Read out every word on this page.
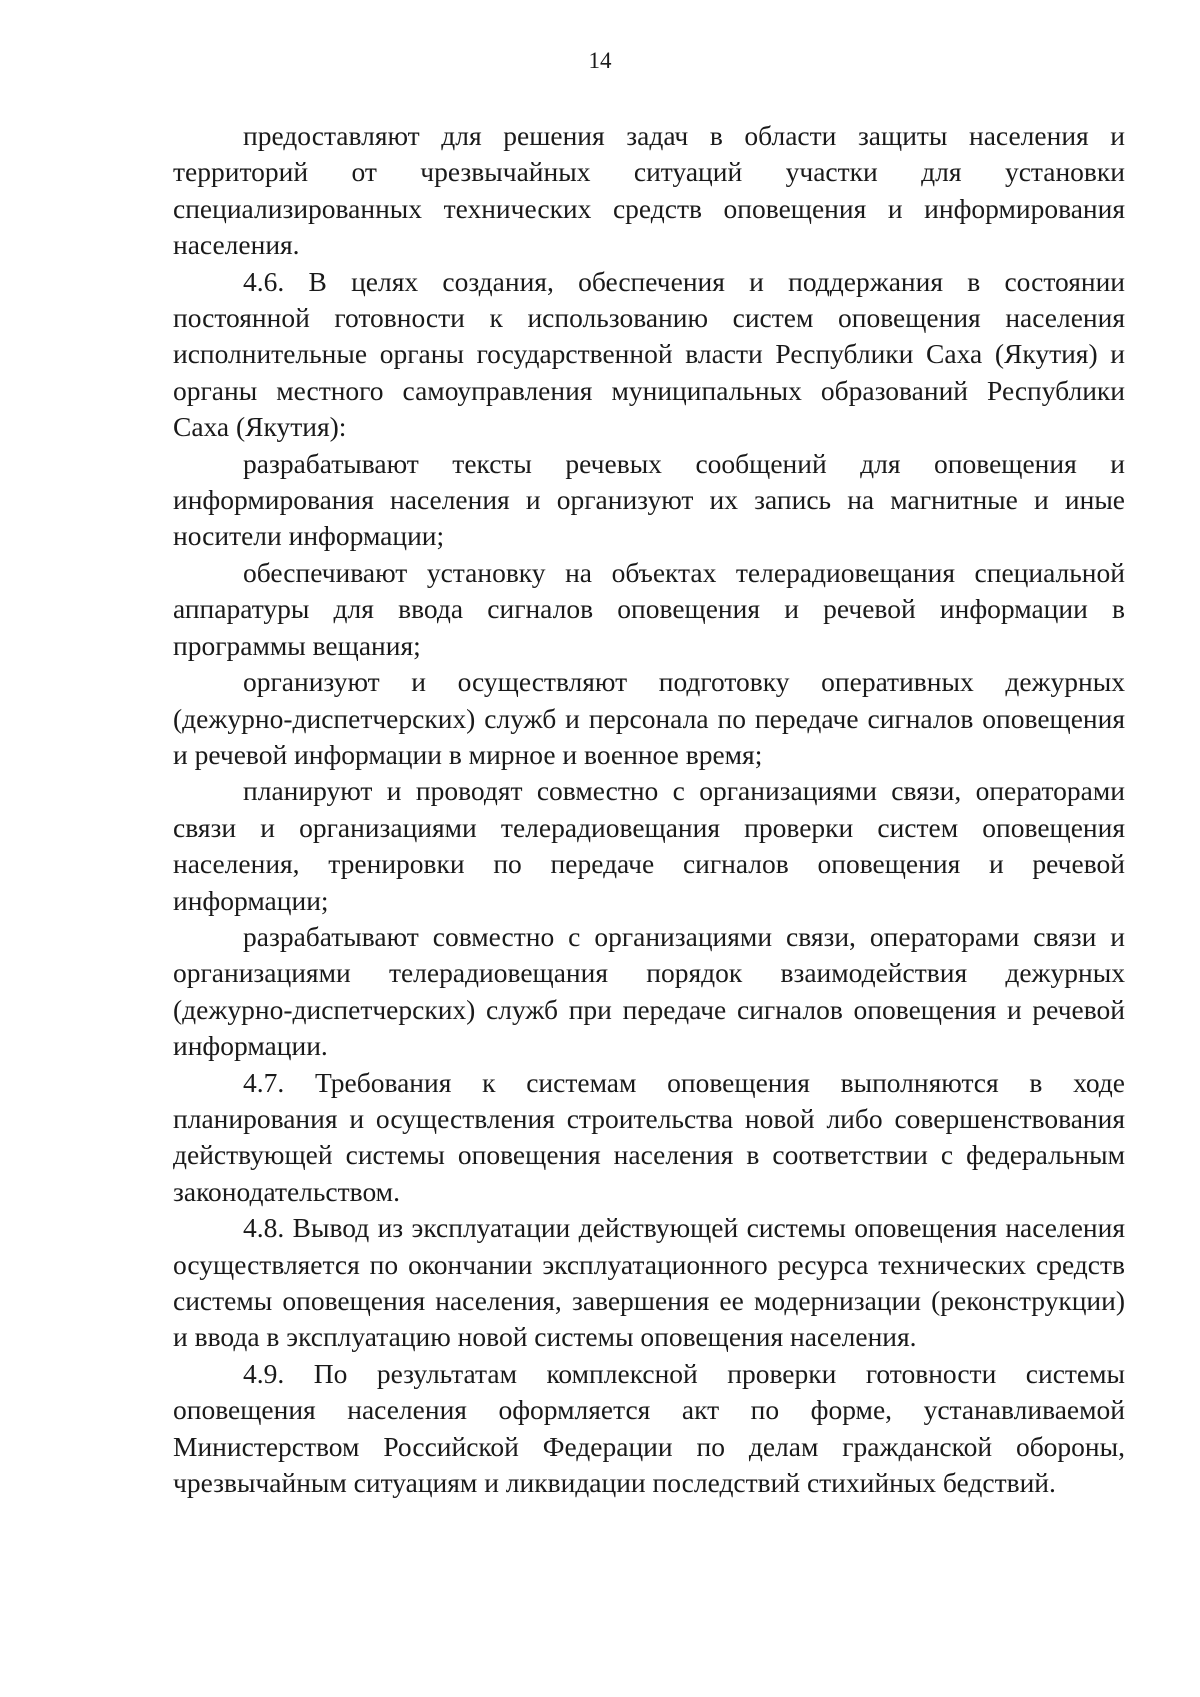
14

предоставляют для решения задач в области защиты населения и территорий от чрезвычайных ситуаций участки для установки специализированных технических средств оповещения и информирования населения.

4.6. В целях создания, обеспечения и поддержания в состоянии постоянной готовности к использованию систем оповещения населения исполнительные органы государственной власти Республики Саха (Якутия) и органы местного самоуправления муниципальных образований Республики Саха (Якутия):

разрабатывают тексты речевых сообщений для оповещения и информирования населения и организуют их запись на магнитные и иные носители информации;

обеспечивают установку на объектах телерадиовещания специальной аппаратуры для ввода сигналов оповещения и речевой информации в программы вещания;

организуют и осуществляют подготовку оперативных дежурных (дежурно-диспетчерских) служб и персонала по передаче сигналов оповещения и речевой информации в мирное и военное время;

планируют и проводят совместно с организациями связи, операторами связи и организациями телерадиовещания проверки систем оповещения населения, тренировки по передаче сигналов оповещения и речевой информации;

разрабатывают совместно с организациями связи, операторами связи и организациями телерадиовещания порядок взаимодействия дежурных (дежурно-диспетчерских) служб при передаче сигналов оповещения и речевой информации.

4.7. Требования к системам оповещения выполняются в ходе планирования и осуществления строительства новой либо совершенствования действующей системы оповещения населения в соответствии с федеральным законодательством.

4.8. Вывод из эксплуатации действующей системы оповещения населения осуществляется по окончании эксплуатационного ресурса технических средств системы оповещения населения, завершения ее модернизации (реконструкции) и ввода в эксплуатацию новой системы оповещения населения.

4.9. По результатам комплексной проверки готовности системы оповещения населения оформляется акт по форме, устанавливаемой Министерством Российской Федерации по делам гражданской обороны, чрезвычайным ситуациям и ликвидации последствий стихийных бедствий.
